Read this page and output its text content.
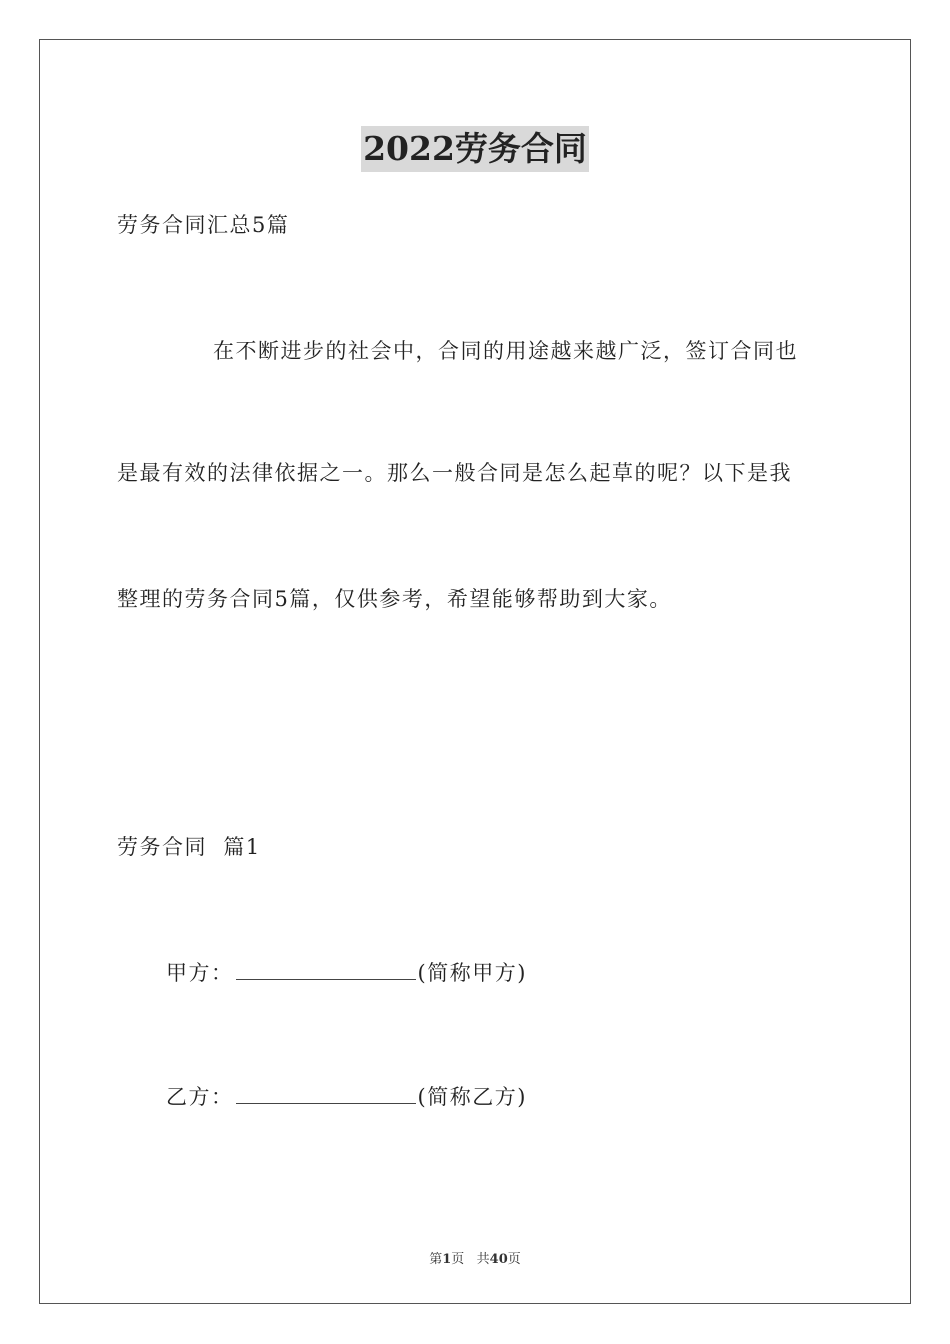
2022劳务合同
劳务合同汇总5篇
在不断进步的社会中，合同的用途越来越广泛，签订合同也
是最有效的法律依据之一。那么一般合同是怎么起草的呢？以下是我
整理的劳务合同5篇，仅供参考，希望能够帮助到大家。
劳务合同  篇1
甲方：	(简称甲方)
乙方：	(简称乙方)
第1页   共40页
